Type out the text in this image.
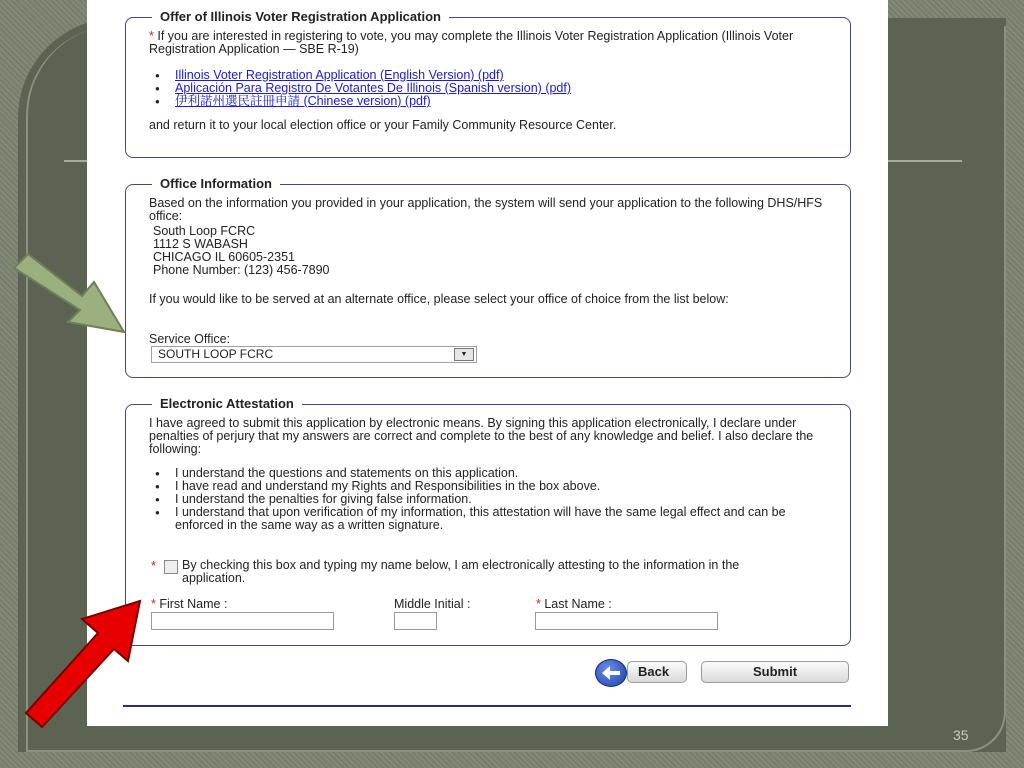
35
Offer of Illinois Voter Registration Application
* If you are interested in registering to vote, you may complete the Illinois Voter Registration Application (Illinois Voter Registration Application — SBE R-19)
● Illinois Voter Registration Application (English Version) (pdf)
● Aplicación Para Registro De Votantes De Illinois (Spanish version) (pdf)
● 伊利諾州選民註冊申請 (Chinese version) (pdf)
and return it to your local election office or your Family Community Resource Center.
Office Information
Based on the information you provided in your application, the system will send your application to the following DHS/HFS office:
South Loop FCRC
1112 S WABASH
CHICAGO IL 60605-2351
Phone Number: (123) 456-7890
If you would like to be served at an alternate office, please select your office of choice from the list below:
Service Office:
SOUTH LOOP FCRC	▼
Electronic Attestation
I have agreed to submit this application by electronic means. By signing this application electronically, I declare under penalties of perjury that my answers are correct and complete to the best of any knowledge and belief. I also declare the following:
● I understand the questions and statements on this application.
● I have read and understand my Rights and Responsibilities in the box above.
● I understand the penalties for giving false information.
● I understand that upon verification of my information, this attestation will have the same legal effect and can be enforced in the same way as a written signature.
* By checking this box and typing my name below, I am electronically attesting to the information in the application.
* First Name :	Middle Initial :	* Last Name :
Back	Submit
